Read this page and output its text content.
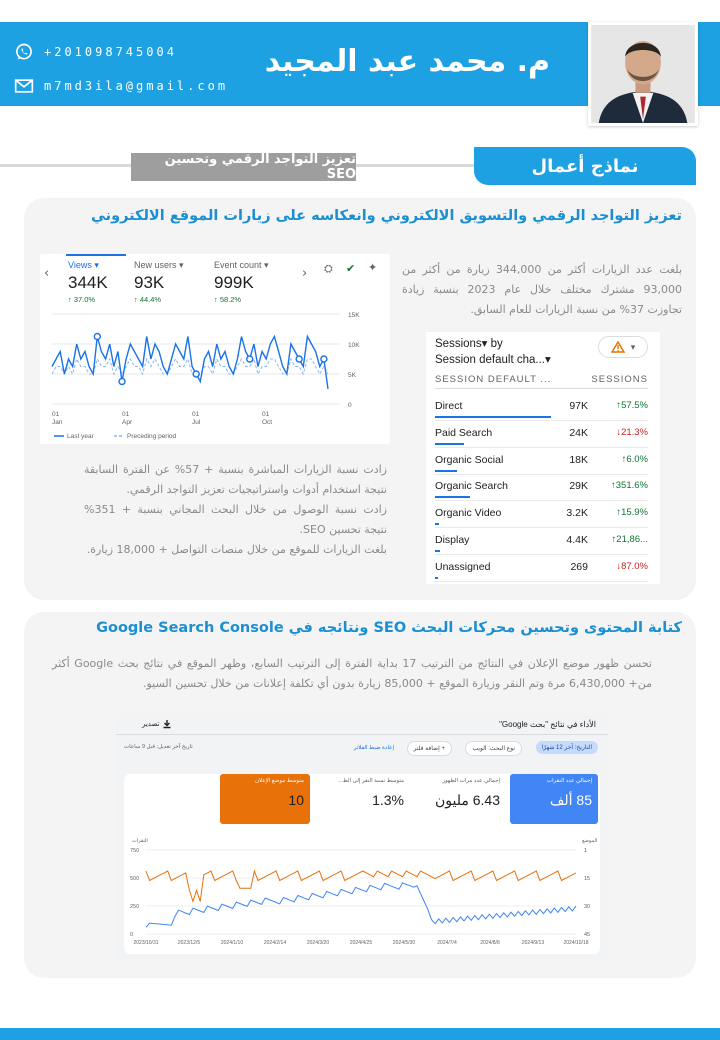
م. محمد عبد المجيد
+201098745004
m7md3ila@gmail.com
تعزيز التواجد الرقمي وتحسين SEO	نماذج أعمال
تعزيز التواجد الرقمي والتسويق الالكتروني وانعكاسه على زيارات الموقع الالكتروني
‹
Views ▾
344K
↑ 37.0%
New users ▾
93K
↑ 44.4%
Event count ▾
999K
↑ 58.2%
› ⛭ ✔ ✦
15K
10K
5K
0
01 Jan
01 Apr
01 Jul
01 Oct
Last year	Preceding period
بلغت عدد الزيارات أكثر من 344,000 زيارة من أكثر من 93,000 مشترك مختلف خلال عام 2023 بنسبة زيادة تجاوزت 37% من نسبة الزيارات للعام السابق.
زادت نسبة الزيارات المباشرة بنسبة + 57% عن الفترة السابقة نتيجة استخدام أدوات واستراتيجيات تعزيز التواجد الرقمي.
زادت نسبة الوصول من خلال البحث المجاني بنسبة + 351% نتيجة تحسين SEO.
بلغت الزيارات للموقع من خلال منصات التواصل + 18,000 زيارة.
Sessions▾ by
Session default cha...▾
▾
SESSION DEFAULT ...	SESSIONS
Direct	97K	↑57.5%
Paid Search	24K	↓21.3%
Organic Social	18K	↑6.0%
Organic Search	29K ↑351.6%
Organic Video	3.2K	↑15.9%
Display	4.4K ↑21,86...
Unassigned	269	↓87.0%
كتابة المحتوى وتحسين محركات البحث SEO ونتائجه في Google Search Console
تحسن ظهور موضع الإعلان في النتائج من الترتيب 17 بداية الفترة إلى الترتيب السابع، وظهر الموقع في نتائج بحث Google أكثر من+ 6,430,000 مرة وتم النقر وزيارة الموقع + 85,000 زيارة بدون أي تكلفة إعلانات من خلال تحسين السيو.
الأداء في نتائج "بحث Google"
تصدير
التاريخ: آخر 12 شهرًا
نوع البحث: الويب
+ إضافة فلتر
إعادة ضبط الفلاتر
تاريخ آخر تعديل: قبل 9 ساعات
إجمالي عدد النقرات
85 ألف
إجمالي عدد مرات الظهور
6.43 مليون
متوسط نسبة النقر إلى الظ...
1.3%
متوسط موضع الإعلان
10
النقرات	الموضع
750	1
500	15
250	30
0	45
2023/10/31	2023/12/5	2024/1/10	2024/2/14	2024/3/20	2024/4/25	2024/5/30	2024/7/4	2024/8/8	2024/9/13	2024/10/18
